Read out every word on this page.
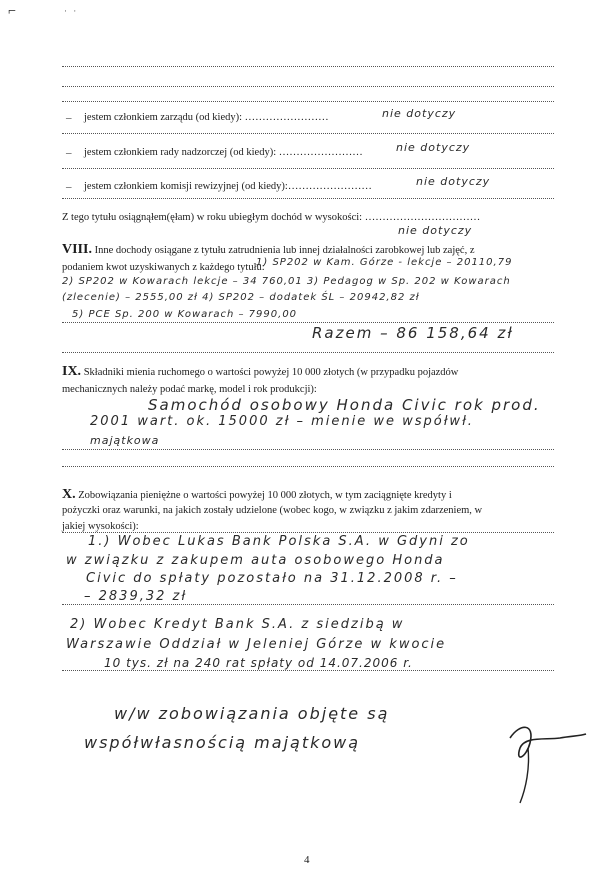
⌐	· ·
– jestem członkiem zarządu (od kiedy): ……………………	nie dotyczy
– jestem członkiem rady nadzorczej (od kiedy): ……………………	nie dotyczy
– jestem członkiem komisji rewizyjnej (od kiedy):……………………	nie dotyczy
Z tego tytułu osiągnąłem(ęłam) w roku ubiegłym dochód w wysokości: ……………………………
nie dotyczy
VIII. Inne dochody osiągane z tytułu zatrudnienia lub innej działalności zarobkowej lub zajęć, z
podaniem kwot uzyskiwanych z każdego tytułu:
1) SP202 w Kam. Górze - lekcje – 20110,79
2) SP202 w Kowarach lekcje – 34 760,01 3) Pedagog w Sp. 202 w Kowarach
(zlecenie) – 2555,00 zł 4) SP202 – dodatek ŚL – 20942,82 zł
5) PCE Sp. 200 w Kowarach – 7990,00
Razem – 86 158,64 zł
IX. Składniki mienia ruchomego o wartości powyżej 10 000 złotych (w przypadku pojazdów
mechanicznych należy podać markę, model i rok produkcji):
Samochód osobowy Honda Civic rok prod.
2001 wart. ok. 15000 zł – mienie we współwł.
majątkowa
X. Zobowiązania pieniężne o wartości powyżej 10 000 złotych, w tym zaciągnięte kredyty i
pożyczki oraz warunki, na jakich zostały udzielone (wobec kogo, w związku z jakim zdarzeniem, w
jakiej wysokości):
1.) Wobec Lukas Bank Polska S.A. w Gdyni zo
w związku z zakupem auta osobowego Honda
Civic do spłaty pozostało na 31.12.2008 r. –
– 2839,32 zł
2) Wobec Kredyt Bank S.A. z siedzibą w
Warszawie Oddział w Jeleniej Górze w kwocie
10 tys. zł na 240 rat spłaty od 14.07.2006 r.
w/w zobowiązania objęte są
współwłasnością majątkową
4
